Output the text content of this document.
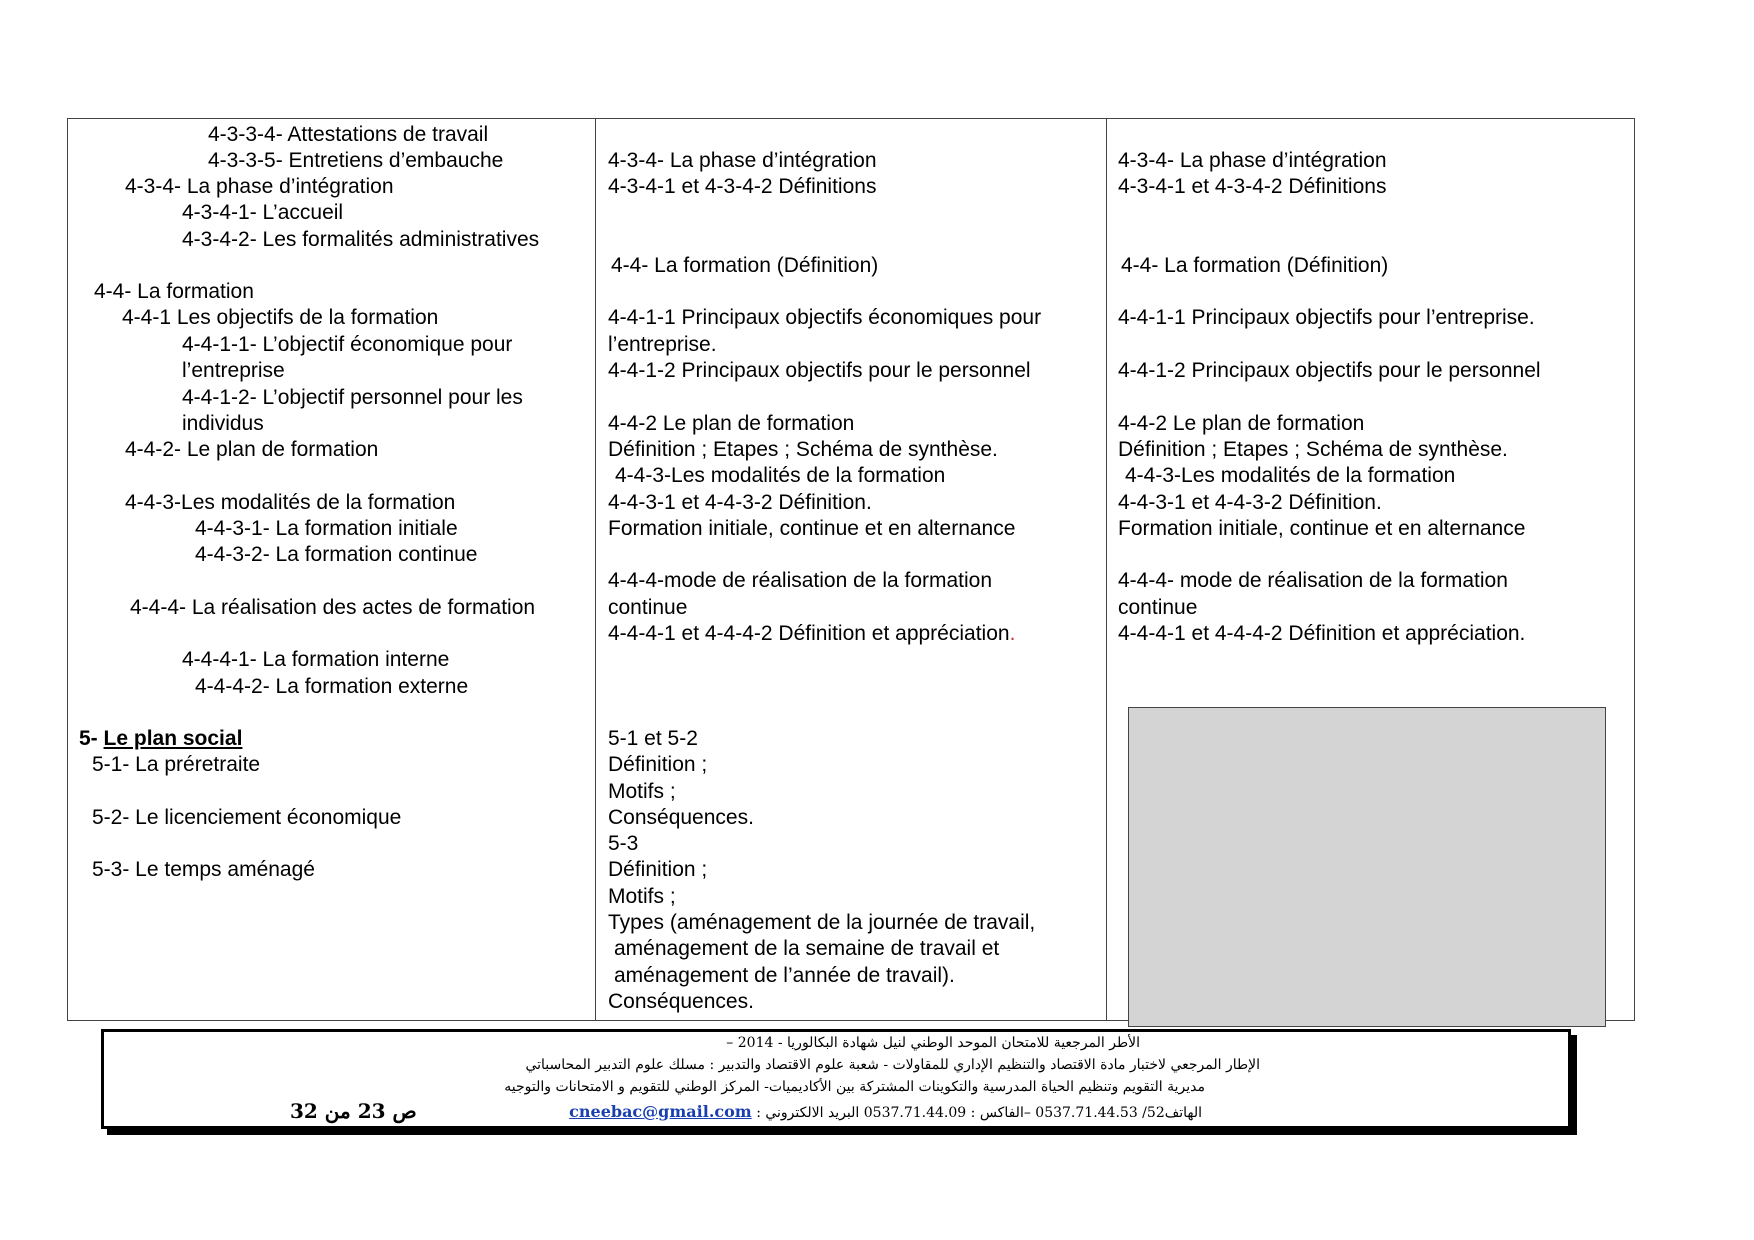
4-3-3-4- Attestations de travail
4-3-3-5- Entretiens d’embauche
4-3-4- La phase d’intégration
4-3-4-1- L’accueil
4-3-4-2- Les formalités administratives
4-4- La formation
4-4-1 Les objectifs de la formation
4-4-1-1- L’objectif économique pour
l’entreprise
4-4-1-2- L’objectif personnel pour les
individus
4-4-2- Le plan de formation
4-4-3-Les modalités de la formation
4-4-3-1- La formation initiale
4-4-3-2- La formation continue
4-4-4- La réalisation des actes de formation
4-4-4-1- La formation interne
4-4-4-2- La formation externe
5- Le plan social
5-1- La préretraite
5-2- Le licenciement économique
5-3- Le temps aménagé
4-3-4- La phase d’intégration
4-3-4-1 et 4-3-4-2 Définitions
4-4- La formation (Définition)
4-4-1-1 Principaux objectifs économiques pour
l’entreprise.
4-4-1-2 Principaux objectifs pour le personnel
4-4-2 Le plan de formation
Définition ; Etapes ; Schéma de synthèse.
4-4-3-Les modalités de la formation
4-4-3-1 et 4-4-3-2 Définition.
Formation initiale, continue et en alternance
4-4-4-mode de réalisation de la formation
continue
4-4-4-1 et 4-4-4-2 Définition et appréciation.
5-1 et 5-2
Définition ;
Motifs ;
Conséquences.
5-3
Définition ;
Motifs ;
Types (aménagement de la journée de travail,
aménagement de la semaine de travail et
aménagement de l’année de travail).
Conséquences.
4-3-4- La phase d’intégration
4-3-4-1 et 4-3-4-2 Définitions
4-4- La formation (Définition)
4-4-1-1 Principaux objectifs pour l’entreprise.
4-4-1-2 Principaux objectifs pour le personnel
4-4-2 Le plan de formation
Définition ; Etapes ; Schéma de synthèse.
4-4-3-Les modalités de la formation
4-4-3-1 et 4-4-3-2 Définition.
Formation initiale, continue et en alternance
4-4-4- mode de réalisation de la formation
continue
4-4-4-1 et 4-4-4-2 Définition et appréciation.
الأطر المرجعية للامتحان الموحد الوطني لنيل شهادة البكالوريا - 2014 –
الإطار المرجعي لاختبار مادة الاقتصاد والتنظيم الإداري للمقاولات - شعبة علوم الاقتصاد والتدبير : مسلك علوم التدبير المحاسباتي
مديرية التقويم وتنظيم الحياة المدرسية والتكوينات المشتركة بين الأكاديميات- المركز الوطني للتقويم و الامتحانات والتوجيه
الهاتف52/ 0537.71.44.53 –الفاكس : 0537.71.44.09 البريد الالكتروني : cneebac@gmail.com
ص 23 من 32
